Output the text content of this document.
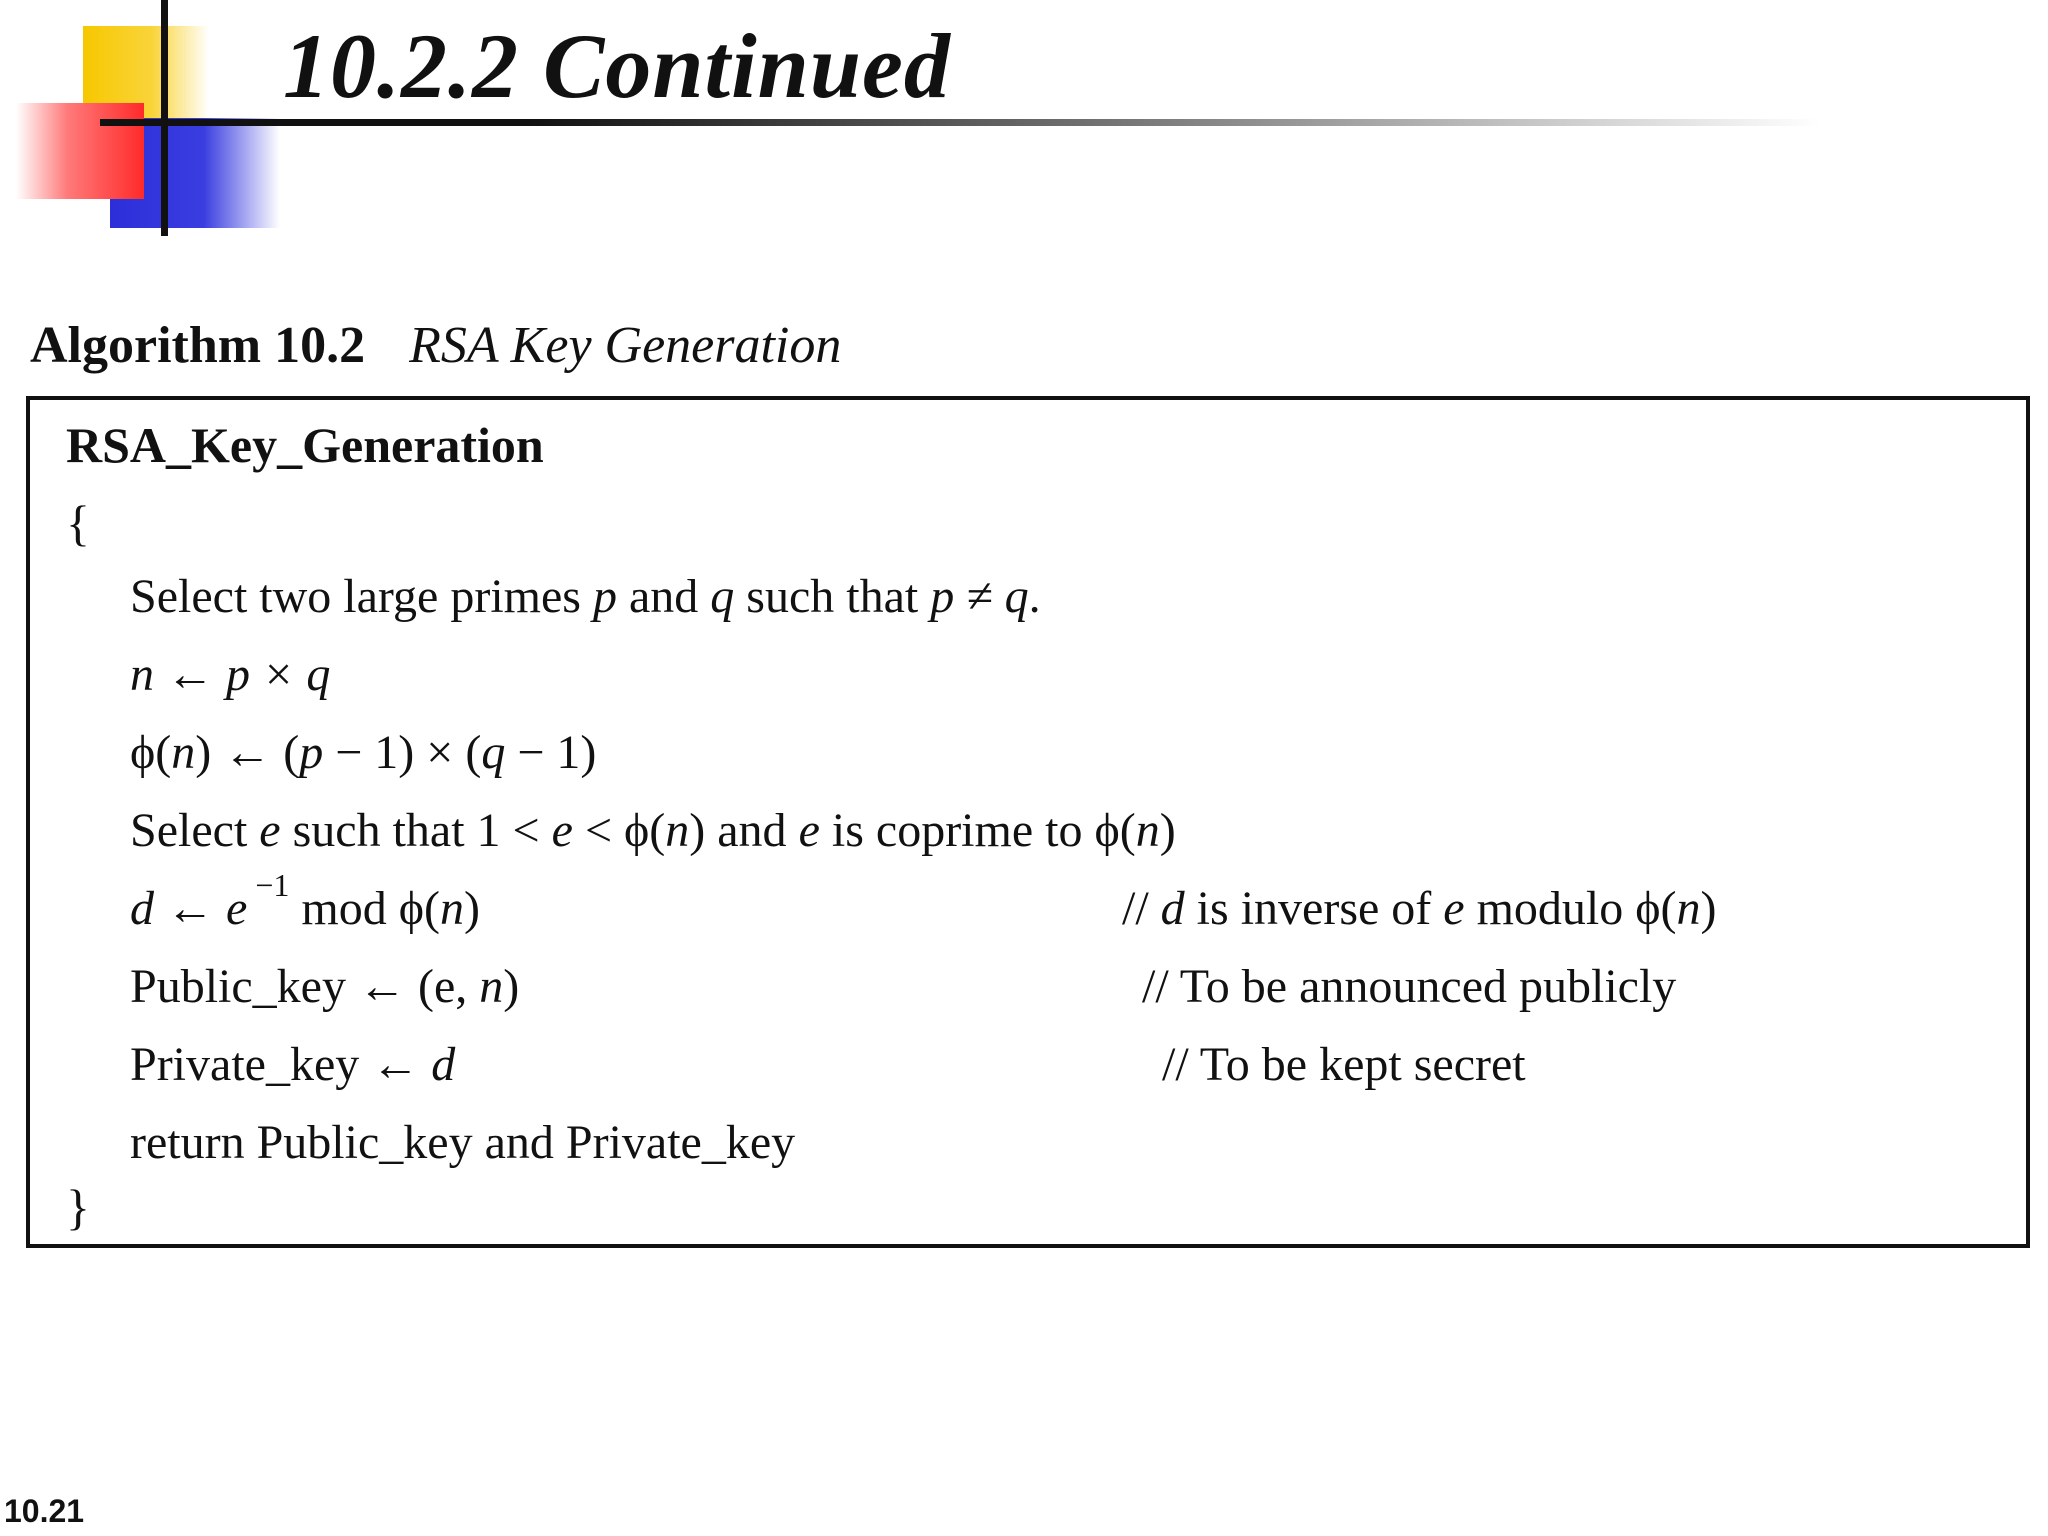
10.2.2 Continued
Algorithm 10.2 RSA Key Generation
RSA_Key_Generation
{
Select two large primes p and q such that p ≠ q.
n ← p × q
ϕ(n) ← (p − 1) × (q − 1)
Select e such that 1 < e < ϕ(n) and e is coprime to ϕ(n)
d ← e $^{-1}$ mod ϕ(n)	// d is inverse of e modulo ϕ(n)
Public_key ← (e, n)	// To be announced publicly
Private_key ← d	// To be kept secret
return Public_key and Private_key
}
10.21
